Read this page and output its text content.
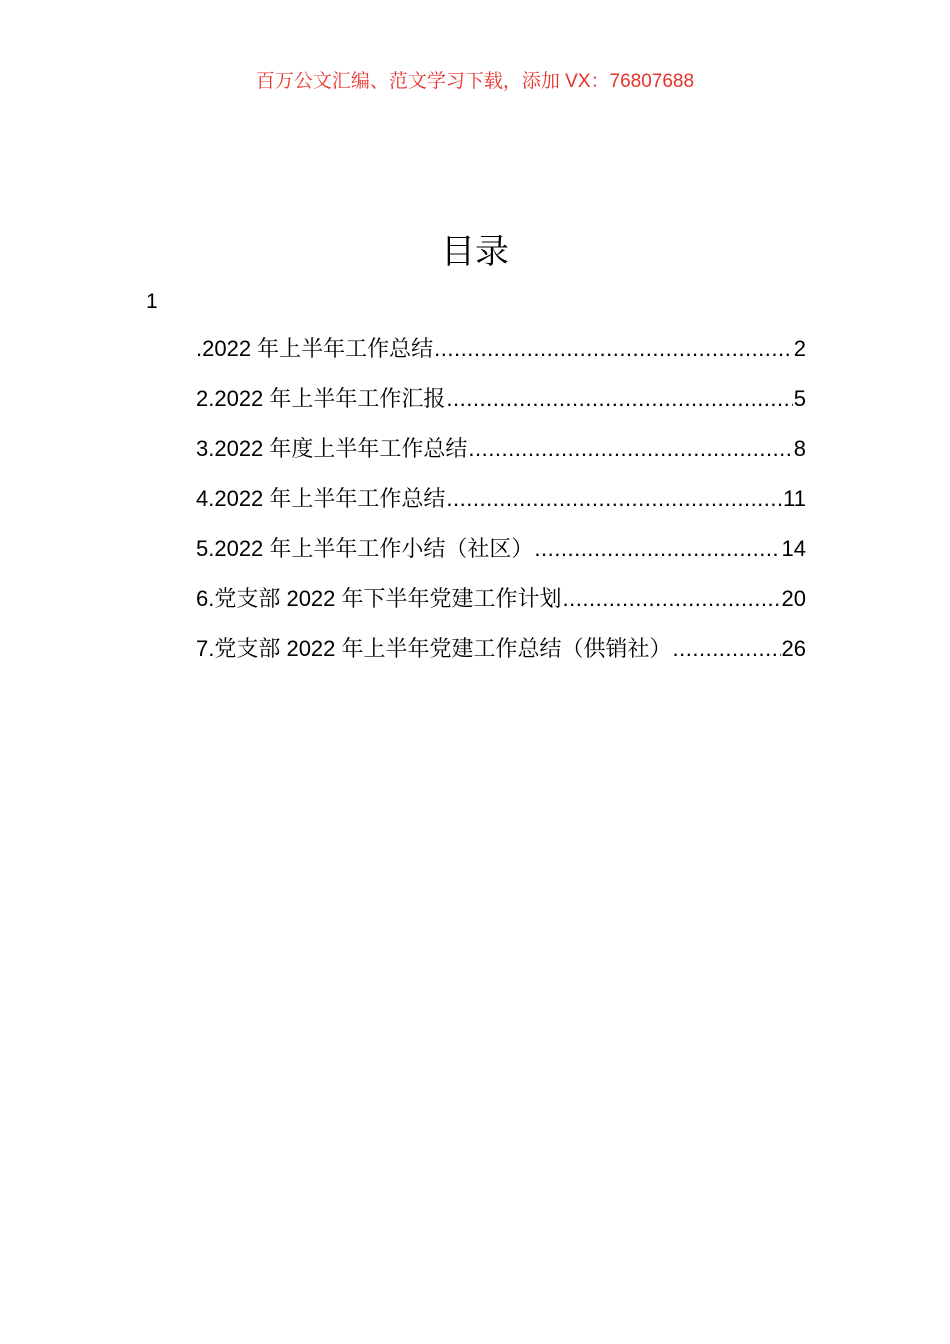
百万公文汇编、范文学习下载，添加 VX：76807688
目录
1
.2022 年上半年工作总结 .....	2
2.2022 年上半年工作汇报 .....	5
3.2022 年度上半年工作总结 .....	8
4.2022 年上半年工作总结 .....	11
5.2022 年上半年工作小结（社区） .....	14
6.党支部 2022 年下半年党建工作计划 .....	20
7.党支部 2022 年上半年党建工作总结（供销社） .....	26
